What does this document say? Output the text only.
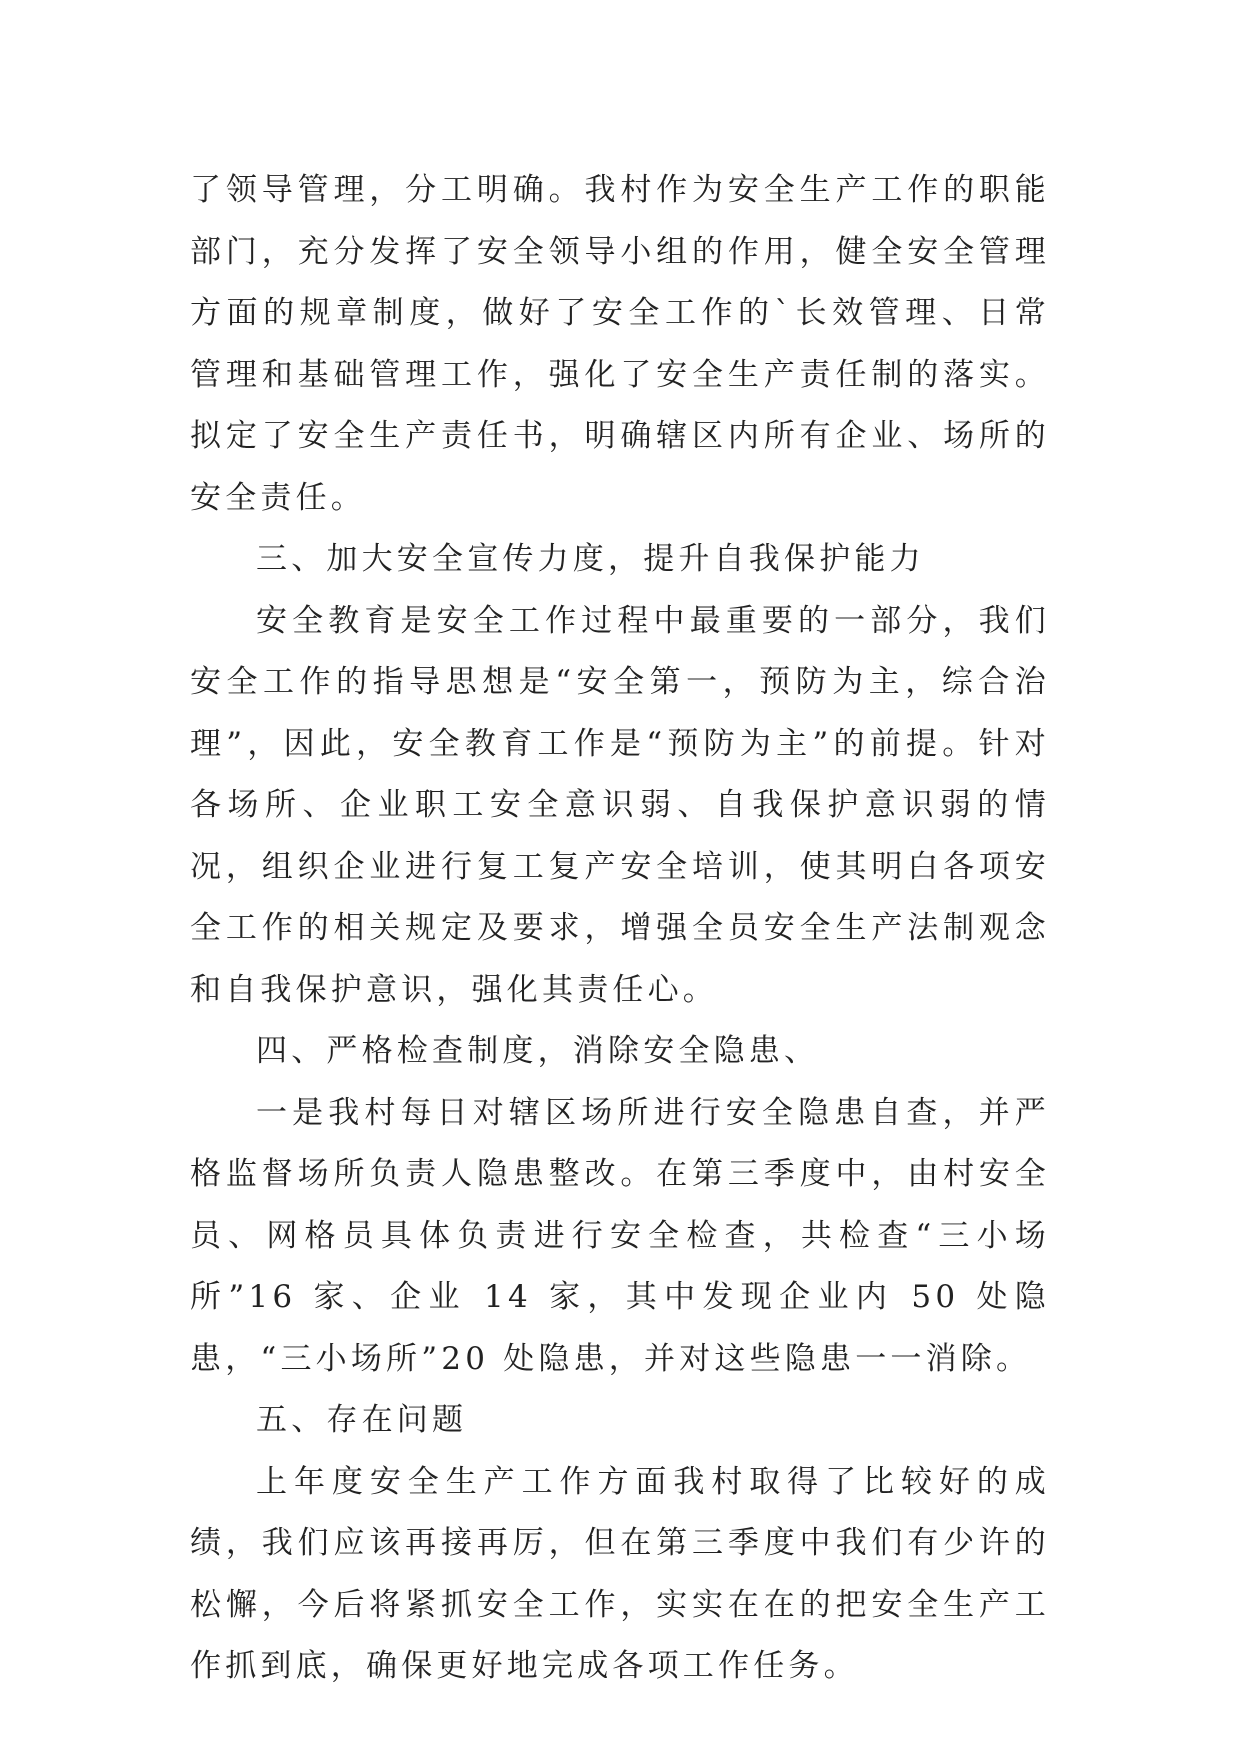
了领导管理，分工明确。我村作为安全生产工作的职能部门，充分发挥了安全领导小组的作用，健全安全管理方面的规章制度，做好了安全工作的`长效管理、日常管理和基础管理工作，强化了安全生产责任制的落实。拟定了安全生产责任书，明确辖区内所有企业、场所的安全责任。

三、加大安全宣传力度，提升自我保护能力

安全教育是安全工作过程中最重要的一部分，我们安全工作的指导思想是“安全第一，预防为主，综合治理”，因此，安全教育工作是“预防为主”的前提。针对各场所、企业职工安全意识弱、自我保护意识弱的情况，组织企业进行复工复产安全培训，使其明白各项安全工作的相关规定及要求，增强全员安全生产法制观念和自我保护意识，强化其责任心。

四、严格检查制度，消除安全隐患、

一是我村每日对辖区场所进行安全隐患自查，并严格监督场所负责人隐患整改。在第三季度中，由村安全员、网格员具体负责进行安全检查，共检查“三小场所”16 家、企业 14 家，其中发现企业内 50 处隐患，“三小场所”20 处隐患，并对这些隐患一一消除。

五、存在问题

上年度安全生产工作方面我村取得了比较好的成绩，我们应该再接再厉，但在第三季度中我们有少许的松懈，今后将紧抓安全工作，实实在在的把安全生产工作抓到底，确保更好地完成各项工作任务。
